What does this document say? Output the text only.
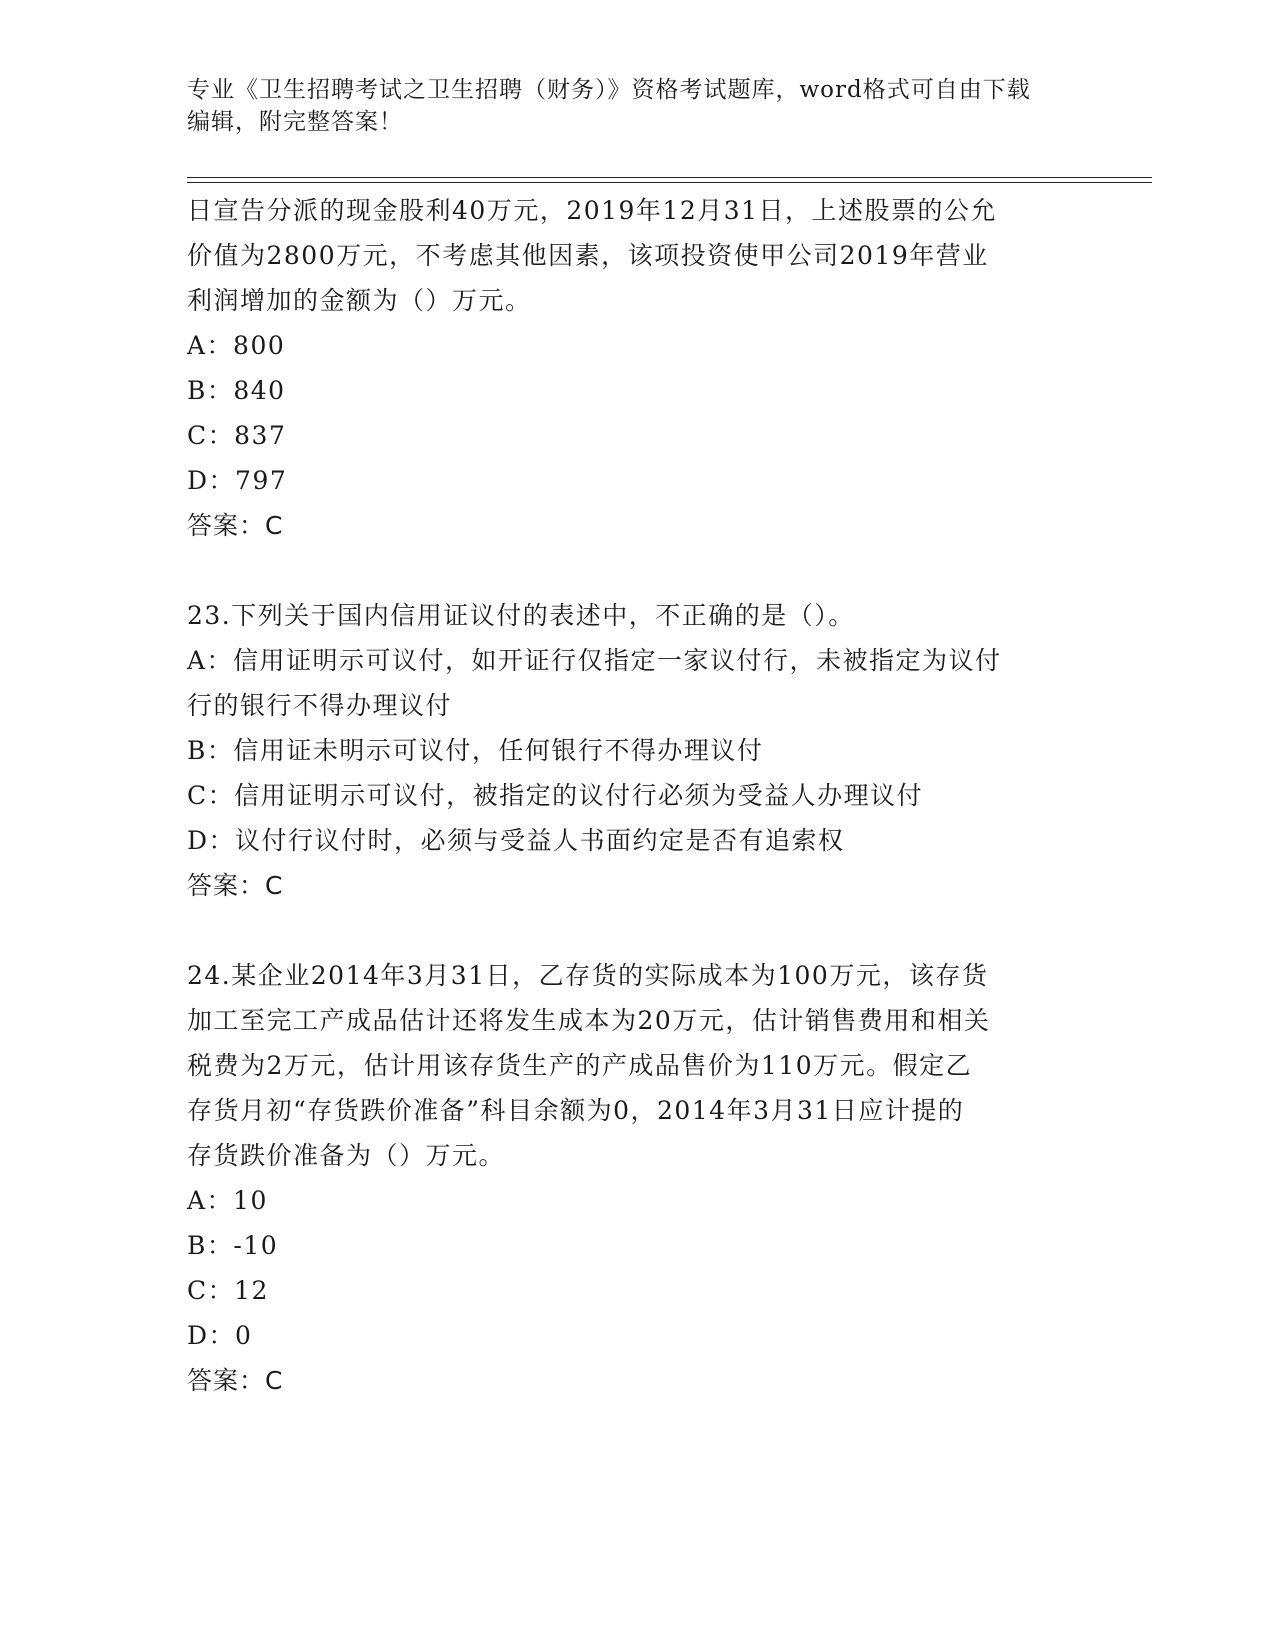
专业《卫生招聘考试之卫生招聘（财务）》资格考试题库，word格式可自由下载
编辑，附完整答案！
日宣告分派的现金股利40万元，2019年12月31日，上述股票的公允
价值为2800万元，不考虑其他因素，该项投资使甲公司2019年营业
利润增加的金额为（）万元。
A：800
B：840
C：837
D：797
答案：C
23.下列关于国内信用证议付的表述中，不正确的是（）。
A：信用证明示可议付，如开证行仅指定一家议付行，未被指定为议付
行的银行不得办理议付
B：信用证未明示可议付，任何银行不得办理议付
C：信用证明示可议付，被指定的议付行必须为受益人办理议付
D：议付行议付时，必须与受益人书面约定是否有追索权
答案：C
24.某企业2014年3月31日，乙存货的实际成本为100万元，该存货
加工至完工产成品估计还将发生成本为20万元，估计销售费用和相关
税费为2万元，估计用该存货生产的产成品售价为110万元。假定乙
存货月初“存货跌价准备”科目余额为0，2014年3月31日应计提的
存货跌价准备为（）万元。
A：10
B：-10
C：12
D：0
答案：C
